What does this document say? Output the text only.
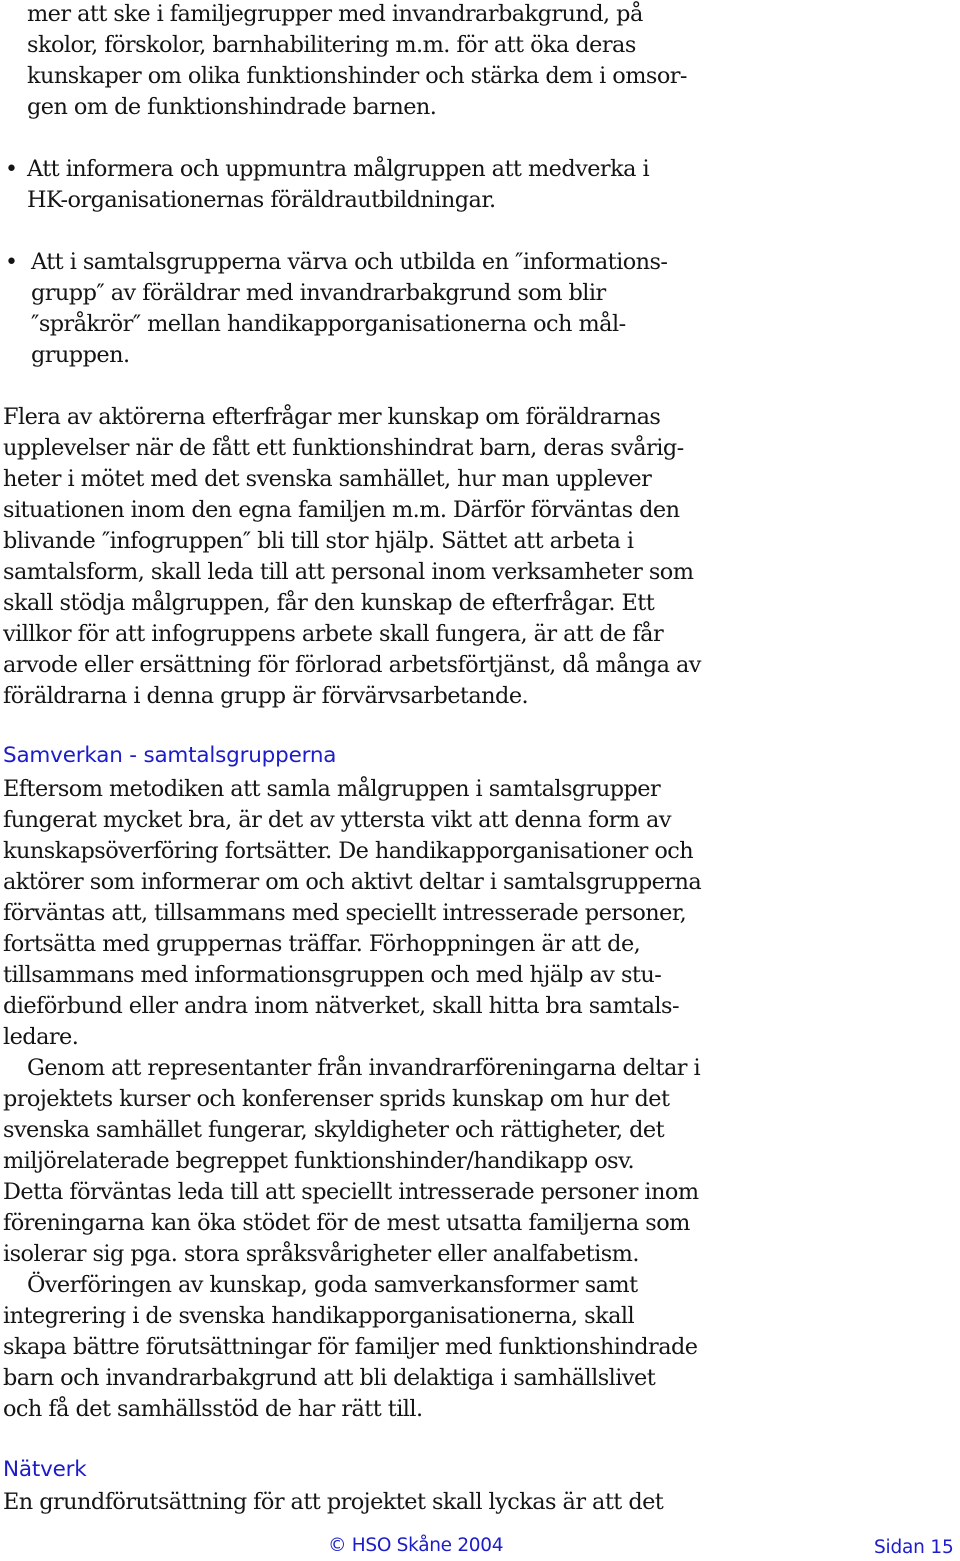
mer att ske i familjegrupper med invandrarbakgrund, på
skolor, förskolor, barnhabilitering m.m. för att öka deras
kunskaper om olika funktionshinder och stärka dem i omsor-
gen om de funktionshindrade barnen.
• Att informera och uppmuntra målgruppen att medverka i
HK-organisationernas föräldrautbildningar.
• Att i samtalsgrupperna värva och utbilda en ″informations-
grupp″ av föräldrar med invandrarbakgrund som blir
″språkrör″ mellan handikapporganisationerna och mål-
gruppen.
Flera av aktörerna efterfrågar mer kunskap om föräldrarnas
upplevelser när de fått ett funktionshindrat barn, deras svårig-
heter i mötet med det svenska samhället, hur man upplever
situationen inom den egna familjen m.m. Därför förväntas den
blivande ″infogruppen″ bli till stor hjälp. Sättet att arbeta i
samtalsform, skall leda till att personal inom verksamheter som
skall stödja målgruppen, får den kunskap de efterfrågar. Ett
villkor för att infogruppens arbete skall fungera, är att de får
arvode eller ersättning för förlorad arbetsförtjänst, då många av
föräldrarna i denna grupp är förvärvsarbetande.
Samverkan - samtalsgrupperna
Eftersom metodiken att samla målgruppen i samtalsgrupper
fungerat mycket bra, är det av yttersta vikt att denna form av
kunskapsöverföring fortsätter. De handikapporganisationer och
aktörer som informerar om och aktivt deltar i samtalsgrupperna
förväntas att, tillsammans med speciellt intresserade personer,
fortsätta med gruppernas träffar. Förhoppningen är att de,
tillsammans med informationsgruppen och med hjälp av stu-
dieförbund eller andra inom nätverket, skall hitta bra samtals-
ledare.
Genom att representanter från invandrarföreningarna deltar i
projektets kurser och konferenser sprids kunskap om hur det
svenska samhället fungerar, skyldigheter och rättigheter, det
miljörelaterade begreppet funktionshinder/handikapp osv.
Detta förväntas leda till att speciellt intresserade personer inom
föreningarna kan öka stödet för de mest utsatta familjerna som
isolerar sig pga. stora språksvårigheter eller analfabetism.
Överföringen av kunskap, goda samverkansformer samt
integrering i de svenska handikapporganisationerna, skall
skapa bättre förutsättningar för familjer med funktionshindrade
barn och invandrarbakgrund att bli delaktiga i samhällslivet
och få det samhällsstöd de har rätt till.
Nätverk
En grundförutsättning för att projektet skall lyckas är att det
© HSO Skåne 2004	Sidan 15
